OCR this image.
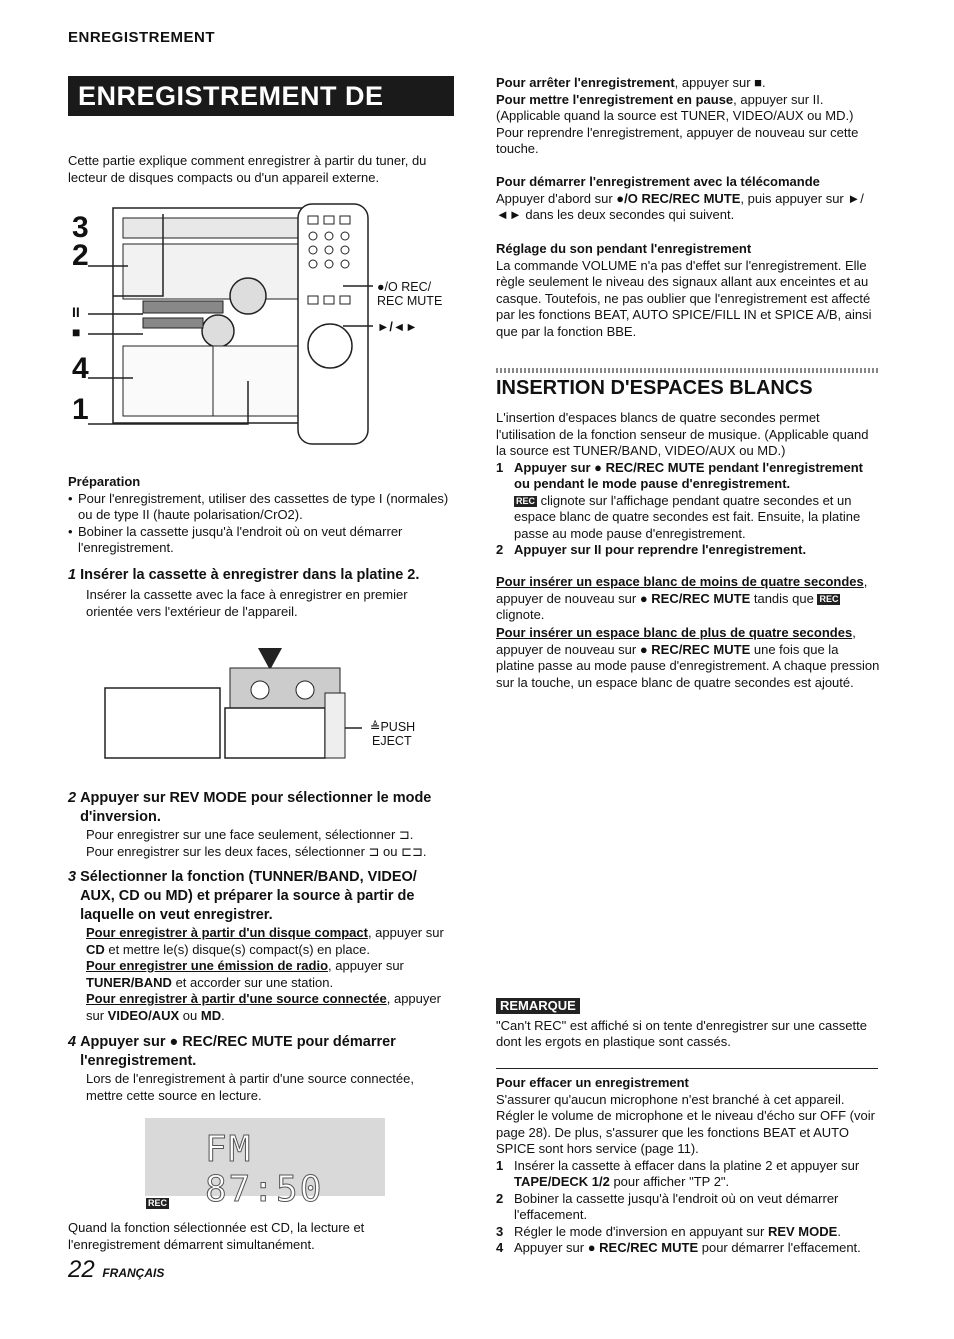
ENREGISTREMENT
ENREGISTREMENT DE BASE

Cette partie explique comment enregistrer à partir du tuner, du lecteur de disques compacts ou d'un appareil externe.

3
2
II
■
4
1
●/O REC/
REC MUTE
►/◄►

Préparation

• Pour l'enregistrement, utiliser des cassettes de type I (normales) ou de type II (haute polarisation/CrO2).
• Bobiner la cassette jusqu'à l'endroit où on veut démarrer l'enregistrement.
1 Insérer la cassette à enregistrer dans la platine 2.

Insérer la cassette avec la face à enregistrer en premier orientée vers l'extérieur de l'appareil.

≜PUSH
EJECT
2 Appuyer sur REV MODE pour sélectionner le mode d'inversion.

Pour enregistrer sur une face seulement, sélectionner ⊐.

Pour enregistrer sur les deux faces, sélectionner ⊐ ou ⊏⊐.

3 Sélectionner la fonction (TUNNER/BAND, VIDEO/ AUX, CD ou MD) et préparer la source à partir de laquelle on veut enregistrer.

Pour enregistrer à partir d'un disque compact, appuyer sur CD et mettre le(s) disque(s) compact(s) en place.

Pour enregistrer une émission de radio, appuyer sur TUNER/BAND et accorder sur une station.

Pour enregistrer à partir d'une source connectée, appuyer sur VIDEO/AUX ou MD.

4 Appuyer sur ● REC/REC MUTE pour démarrer l'enregistrement.

Lors de l'enregistrement à partir d'une source connectée, mettre cette source en lecture.

FM 87:50
REC

Quand la fonction sélectionnée est CD, la lecture et l'enregistrement démarrent simultanément.

22 FRANÇAIS

Pour arrêter l'enregistrement, appuyer sur ■.

Pour mettre l'enregistrement en pause, appuyer sur II. (Applicable quand la source est TUNER, VIDEO/AUX ou MD.)

Pour reprendre l'enregistrement, appuyer de nouveau sur cette touche.

Pour démarrer l'enregistrement avec la télécomande

Appuyer d'abord sur ●/O REC/REC MUTE, puis appuyer sur ►/◄► dans les deux secondes qui suivent.

Réglage du son pendant l'enregistrement

La commande VOLUME n'a pas d'effet sur l'enregistrement. Elle règle seulement le niveau des signaux allant aux enceintes et au casque. Toutefois, ne pas oublier que l'enregistrement est affecté par les fonctions BEAT, AUTO SPICE/FILL IN et SPICE A/B, ainsi que par la fonction BBE.

INSERTION D'ESPACES BLANCS

L'insertion d'espaces blancs de quatre secondes permet l'utilisation de la fonction senseur de musique. (Applicable quand la source est TUNER/BAND, VIDEO/AUX ou MD.)

1 Appuyer sur ● REC/REC MUTE pendant l'enregistrement ou pendant le mode pause d'enregistrement.
REC clignote sur l'affichage pendant quatre secondes et un espace blanc de quatre secondes est fait. Ensuite, la platine passe au mode pause d'enregistrement.
2 Appuyer sur II pour reprendre l'enregistrement.

Pour insérer un espace blanc de moins de quatre secondes, appuyer de nouveau sur ● REC/REC MUTE tandis que REC clignote.

Pour insérer un espace blanc de plus de quatre secondes, appuyer de nouveau sur ● REC/REC MUTE une fois que la platine passe au mode pause d'enregistrement. A chaque pression sur la touche, un espace blanc de quatre secondes est ajouté.

REMARQUE

"Can't REC" est affiché si on tente d'enregistrer sur une cassette dont les ergots en plastique sont cassés.

Pour effacer un enregistrement

S'assurer qu'aucun microphone n'est branché à cet appareil. Régler le volume de microphone et le niveau d'écho sur OFF (voir page 28). De plus, s'assurer que les fonctions BEAT et AUTO SPICE sont hors service (page 11).

1 Insérer la cassette à effacer dans la platine 2 et appuyer sur TAPE/DECK 1/2 pour afficher "TP 2".
2 Bobiner la cassette jusqu'à l'endroit où on veut démarrer l'effacement.
3 Régler le mode d'inversion en appuyant sur REV MODE.
4 Appuyer sur ● REC/REC MUTE pour démarrer l'effacement.
